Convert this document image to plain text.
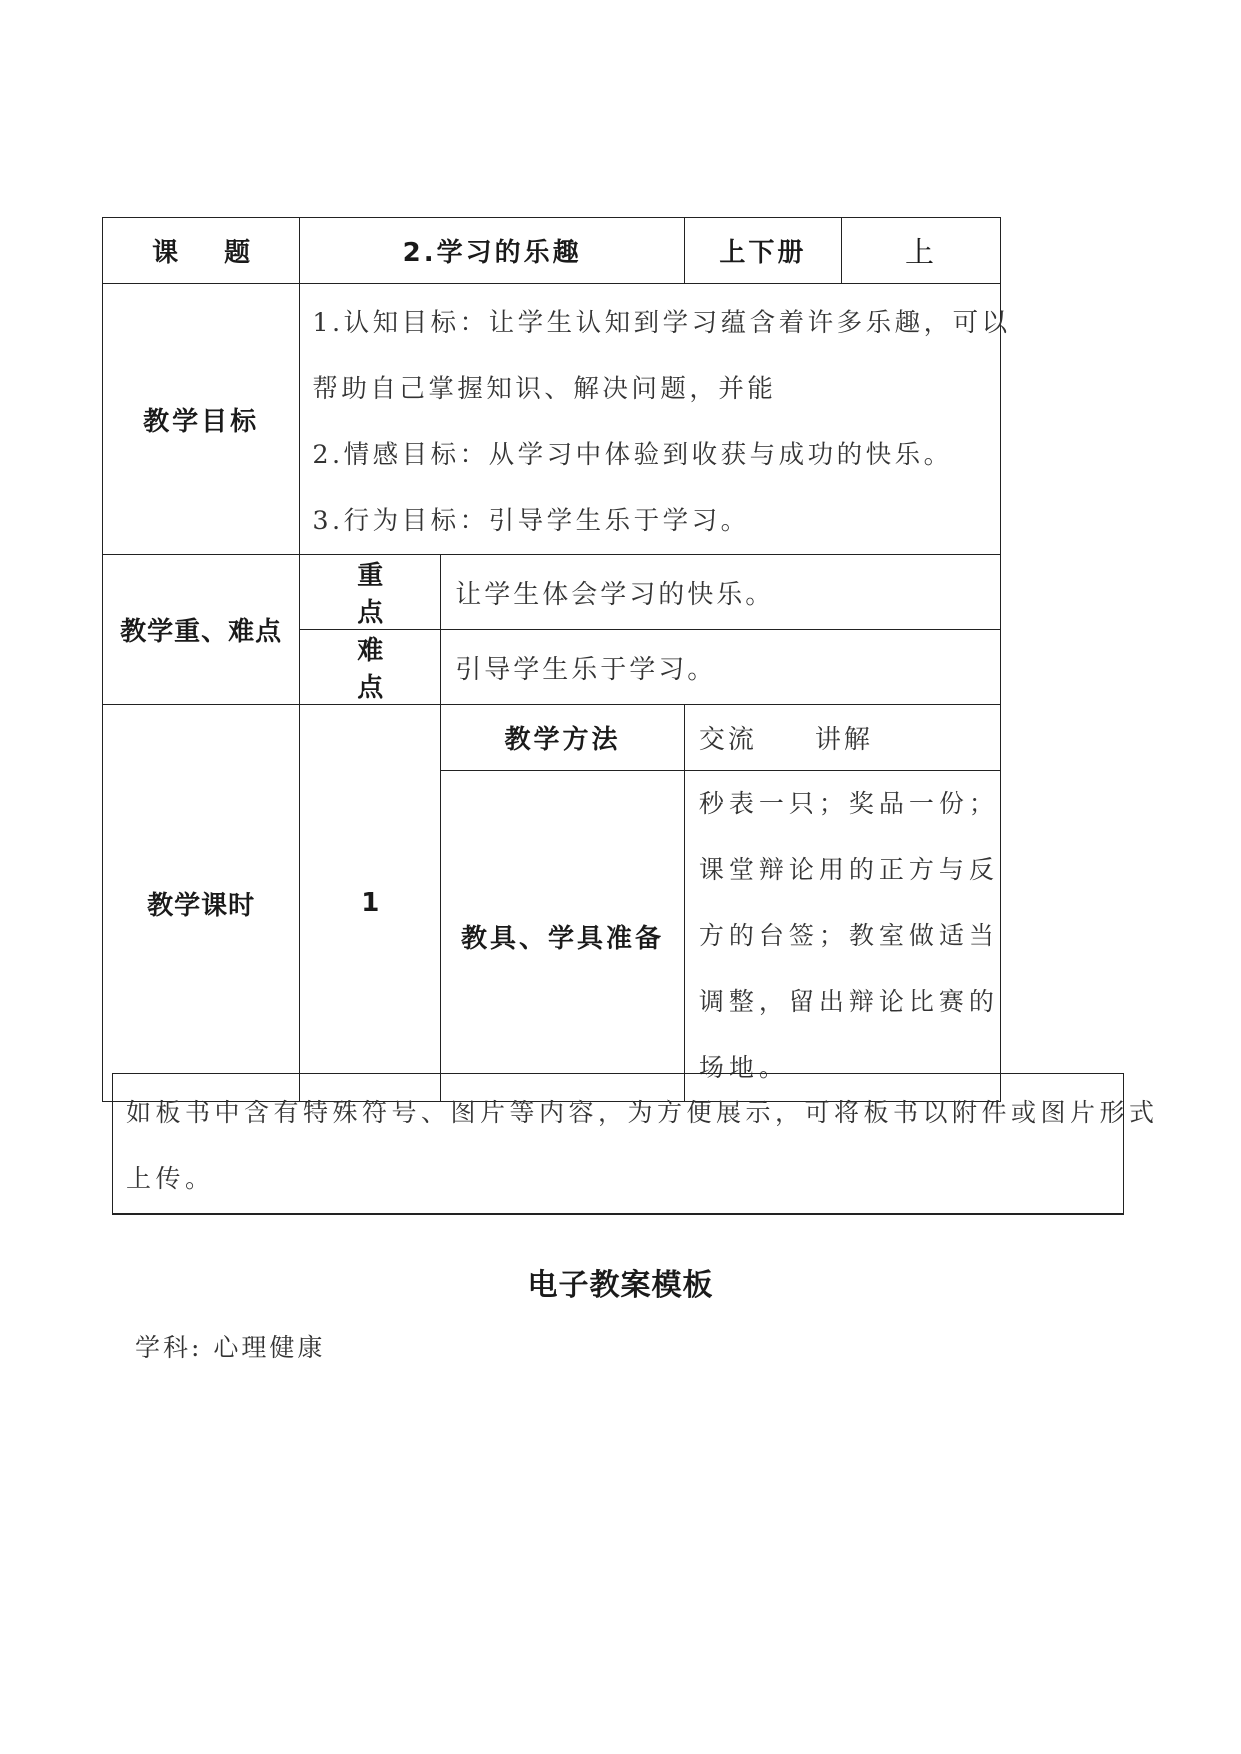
课题	2.学习的乐趣		上下册	上
教学目标	1.认知目标：让学生认知到学习蕴含着许多乐趣，可以
帮助自己掌握知识、解决问题，并能
2.情感目标：从学习中体验到收获与成功的快乐。
3.行为目标：引导学生乐于学习。			

教学重、难点	重点	让学生体会学习的快乐。		
	难点	引导学生乐于学习。		
教学课时	1	教学方法	交流　　讲解	
		教具、学具准备	秒表一只；奖品一份；
课堂辩论用的正方与反
方的台签；教室做适当
调整，留出辩论比赛的
场地。	
如板书中含有特殊符号、图片等内容，为方便展示，可将板书以附件或图片形式
上传。
电子教案模板
学科: 心理健康
